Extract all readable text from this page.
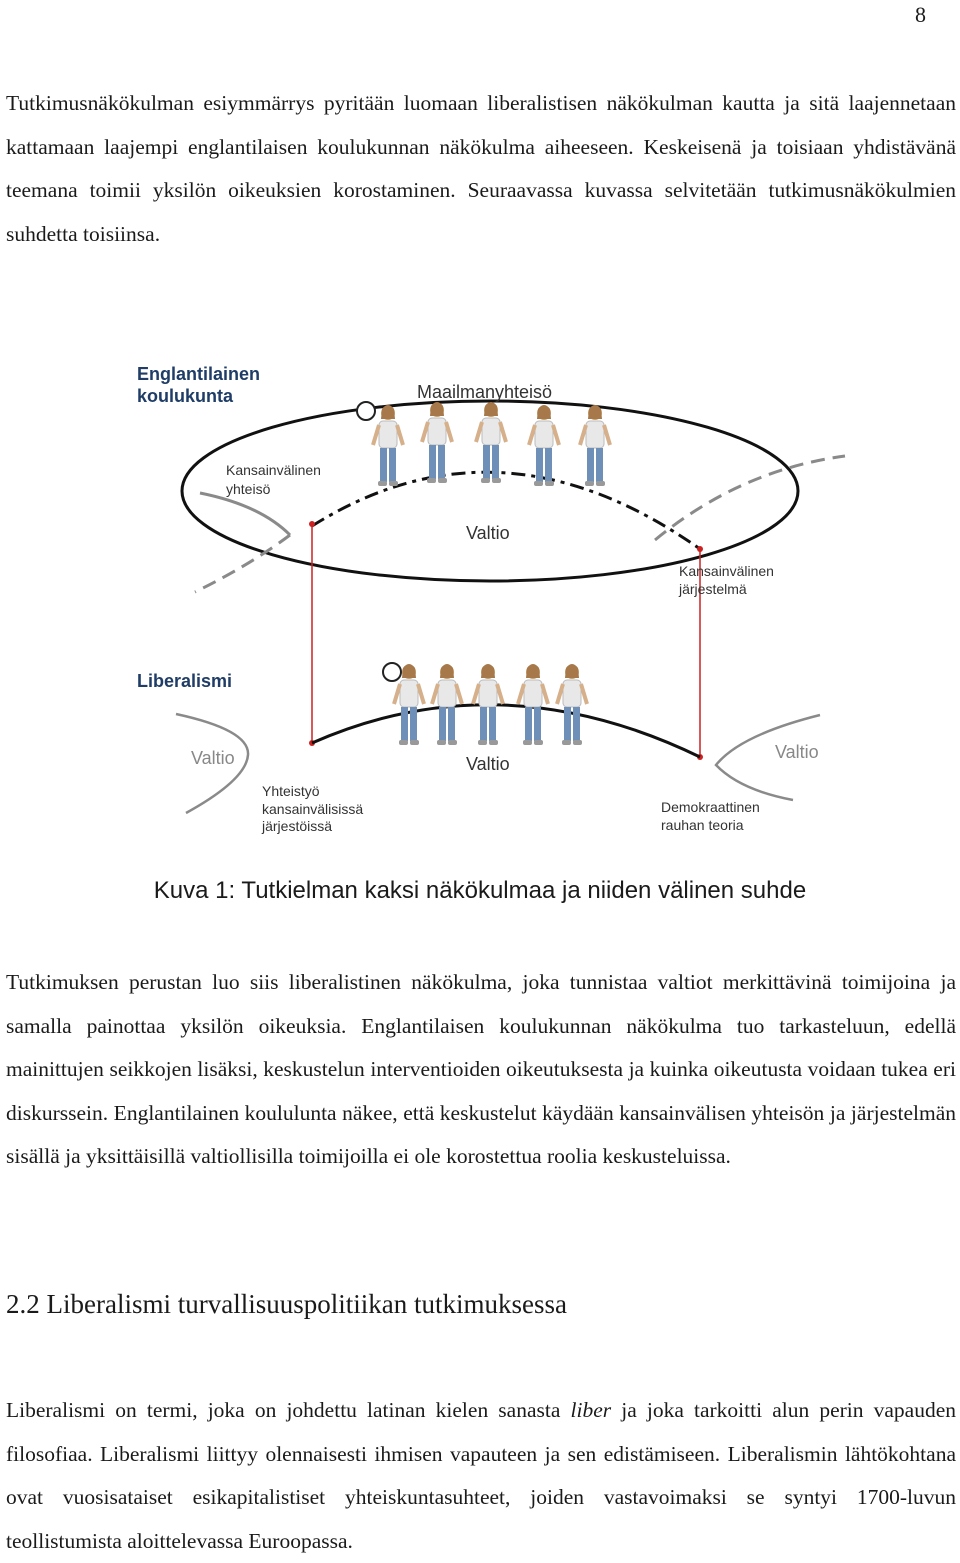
8

Tutkimusnäkökulman esiymmärrys pyritään luomaan liberalistisen näkökulman kautta ja sitä laajennetaan kattamaan laajempi englantilaisen koulukunnan näkökulma aiheeseen. Keskeisenä ja toisiaan yhdistävänä teemana toimii yksilön oikeuksien korostaminen. Seuraavassa kuvassa selvitetään tutkimusnäkökulmien suhdetta toisiinsa.

Englantilainen
koulukunta	Maailmanyhteisö
Kansainvälinen
yhteisö
Valtio
Kansainvälinen
järjestelmä
Liberalismi
Valtio	Valtio
Valtio
Yhteistyö
kansainvälisissä
järjestöissä
Demokraattinen
rauhan teoria

Kuva 1: Tutkielman kaksi näkökulmaa ja niiden välinen suhde

Tutkimuksen perustan luo siis liberalistinen näkökulma, joka tunnistaa valtiot merkittävinä toimijoina ja samalla painottaa yksilön oikeuksia. Englantilaisen koulukunnan näkökulma tuo tarkasteluun, edellä mainittujen seikkojen lisäksi, keskustelun interventioiden oikeutuksesta ja kuinka oikeutusta voidaan tukea eri diskurssein. Englantilainen koululunta näkee, että keskustelut käydään kansainvälisen yhteisön ja järjestelmän sisällä ja yksittäisillä valtiollisilla toimijoilla ei ole korostettua roolia keskusteluissa.

2.2 Liberalismi turvallisuuspolitiikan tutkimuksessa

Liberalismi on termi, joka on johdettu latinan kielen sanasta liber ja joka tarkoitti alun perin vapauden filosofiaa. Liberalismi liittyy olennaisesti ihmisen vapauteen ja sen edistämiseen. Liberalismin lähtökohtana ovat vuosisataiset esikapitalistiset yhteiskuntasuhteet, joiden vastavoimaksi se syntyi 1700-luvun teollistumista aloittelevassa Euroopassa.
